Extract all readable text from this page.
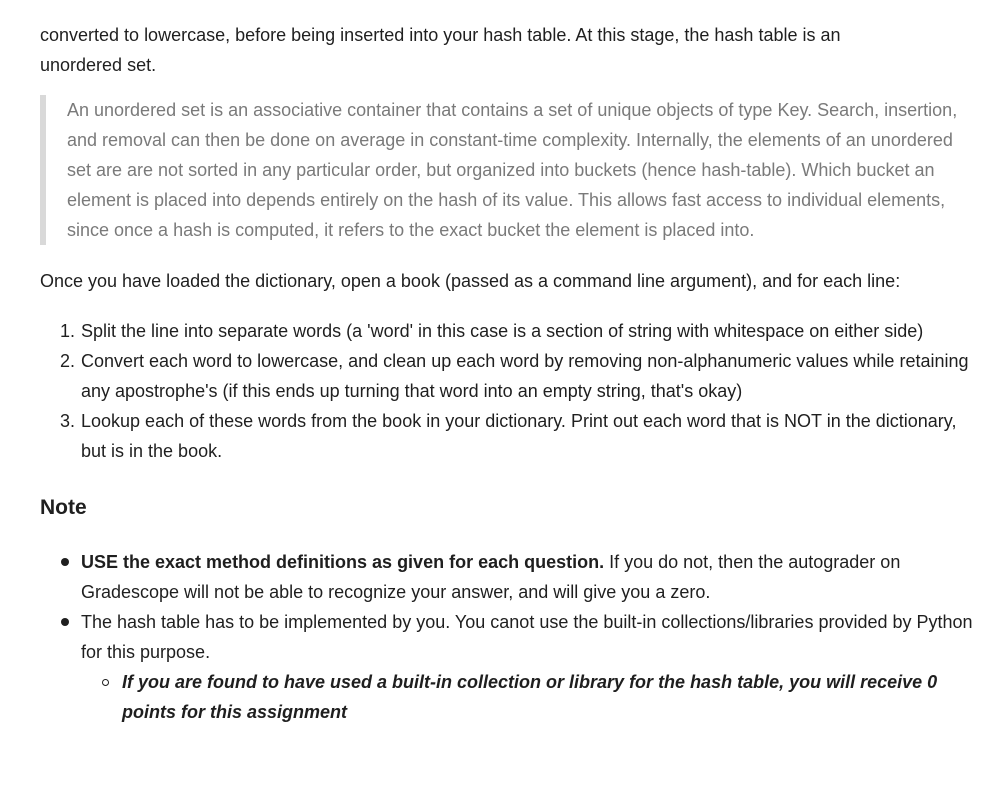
converted to lowercase, before being inserted into your hash table. At this stage, the hash table is an unordered set.

An unordered set is an associative container that contains a set of unique objects of type Key. Search, insertion, and removal can then be done on average in constant-time complexity. Internally, the elements of an unordered set are are not sorted in any particular order, but organized into buckets (hence hash-table). Which bucket an element is placed into depends entirely on the hash of its value. This allows fast access to individual elements, since once a hash is computed, it refers to the exact bucket the element is placed into.

Once you have loaded the dictionary, open a book (passed as a command line argument), and for each line:

1. Split the line into separate words (a 'word' in this case is a section of string with whitespace on either side)
2. Convert each word to lowercase, and clean up each word by removing non-alphanumeric values while retaining any apostrophe's (if this ends up turning that word into an empty string, that's okay)
3. Lookup each of these words from the book in your dictionary. Print out each word that is NOT in the dictionary, but is in the book.
Note
USE the exact method definitions as given for each question. If you do not, then the autograder on Gradescope will not be able to recognize your answer, and will give you a zero.
The hash table has to be implemented by you. You canot use the built-in collections/libraries provided by Python for this purpose.
If you are found to have used a built-in collection or library for the hash table, you will receive 0 points for this assignment
